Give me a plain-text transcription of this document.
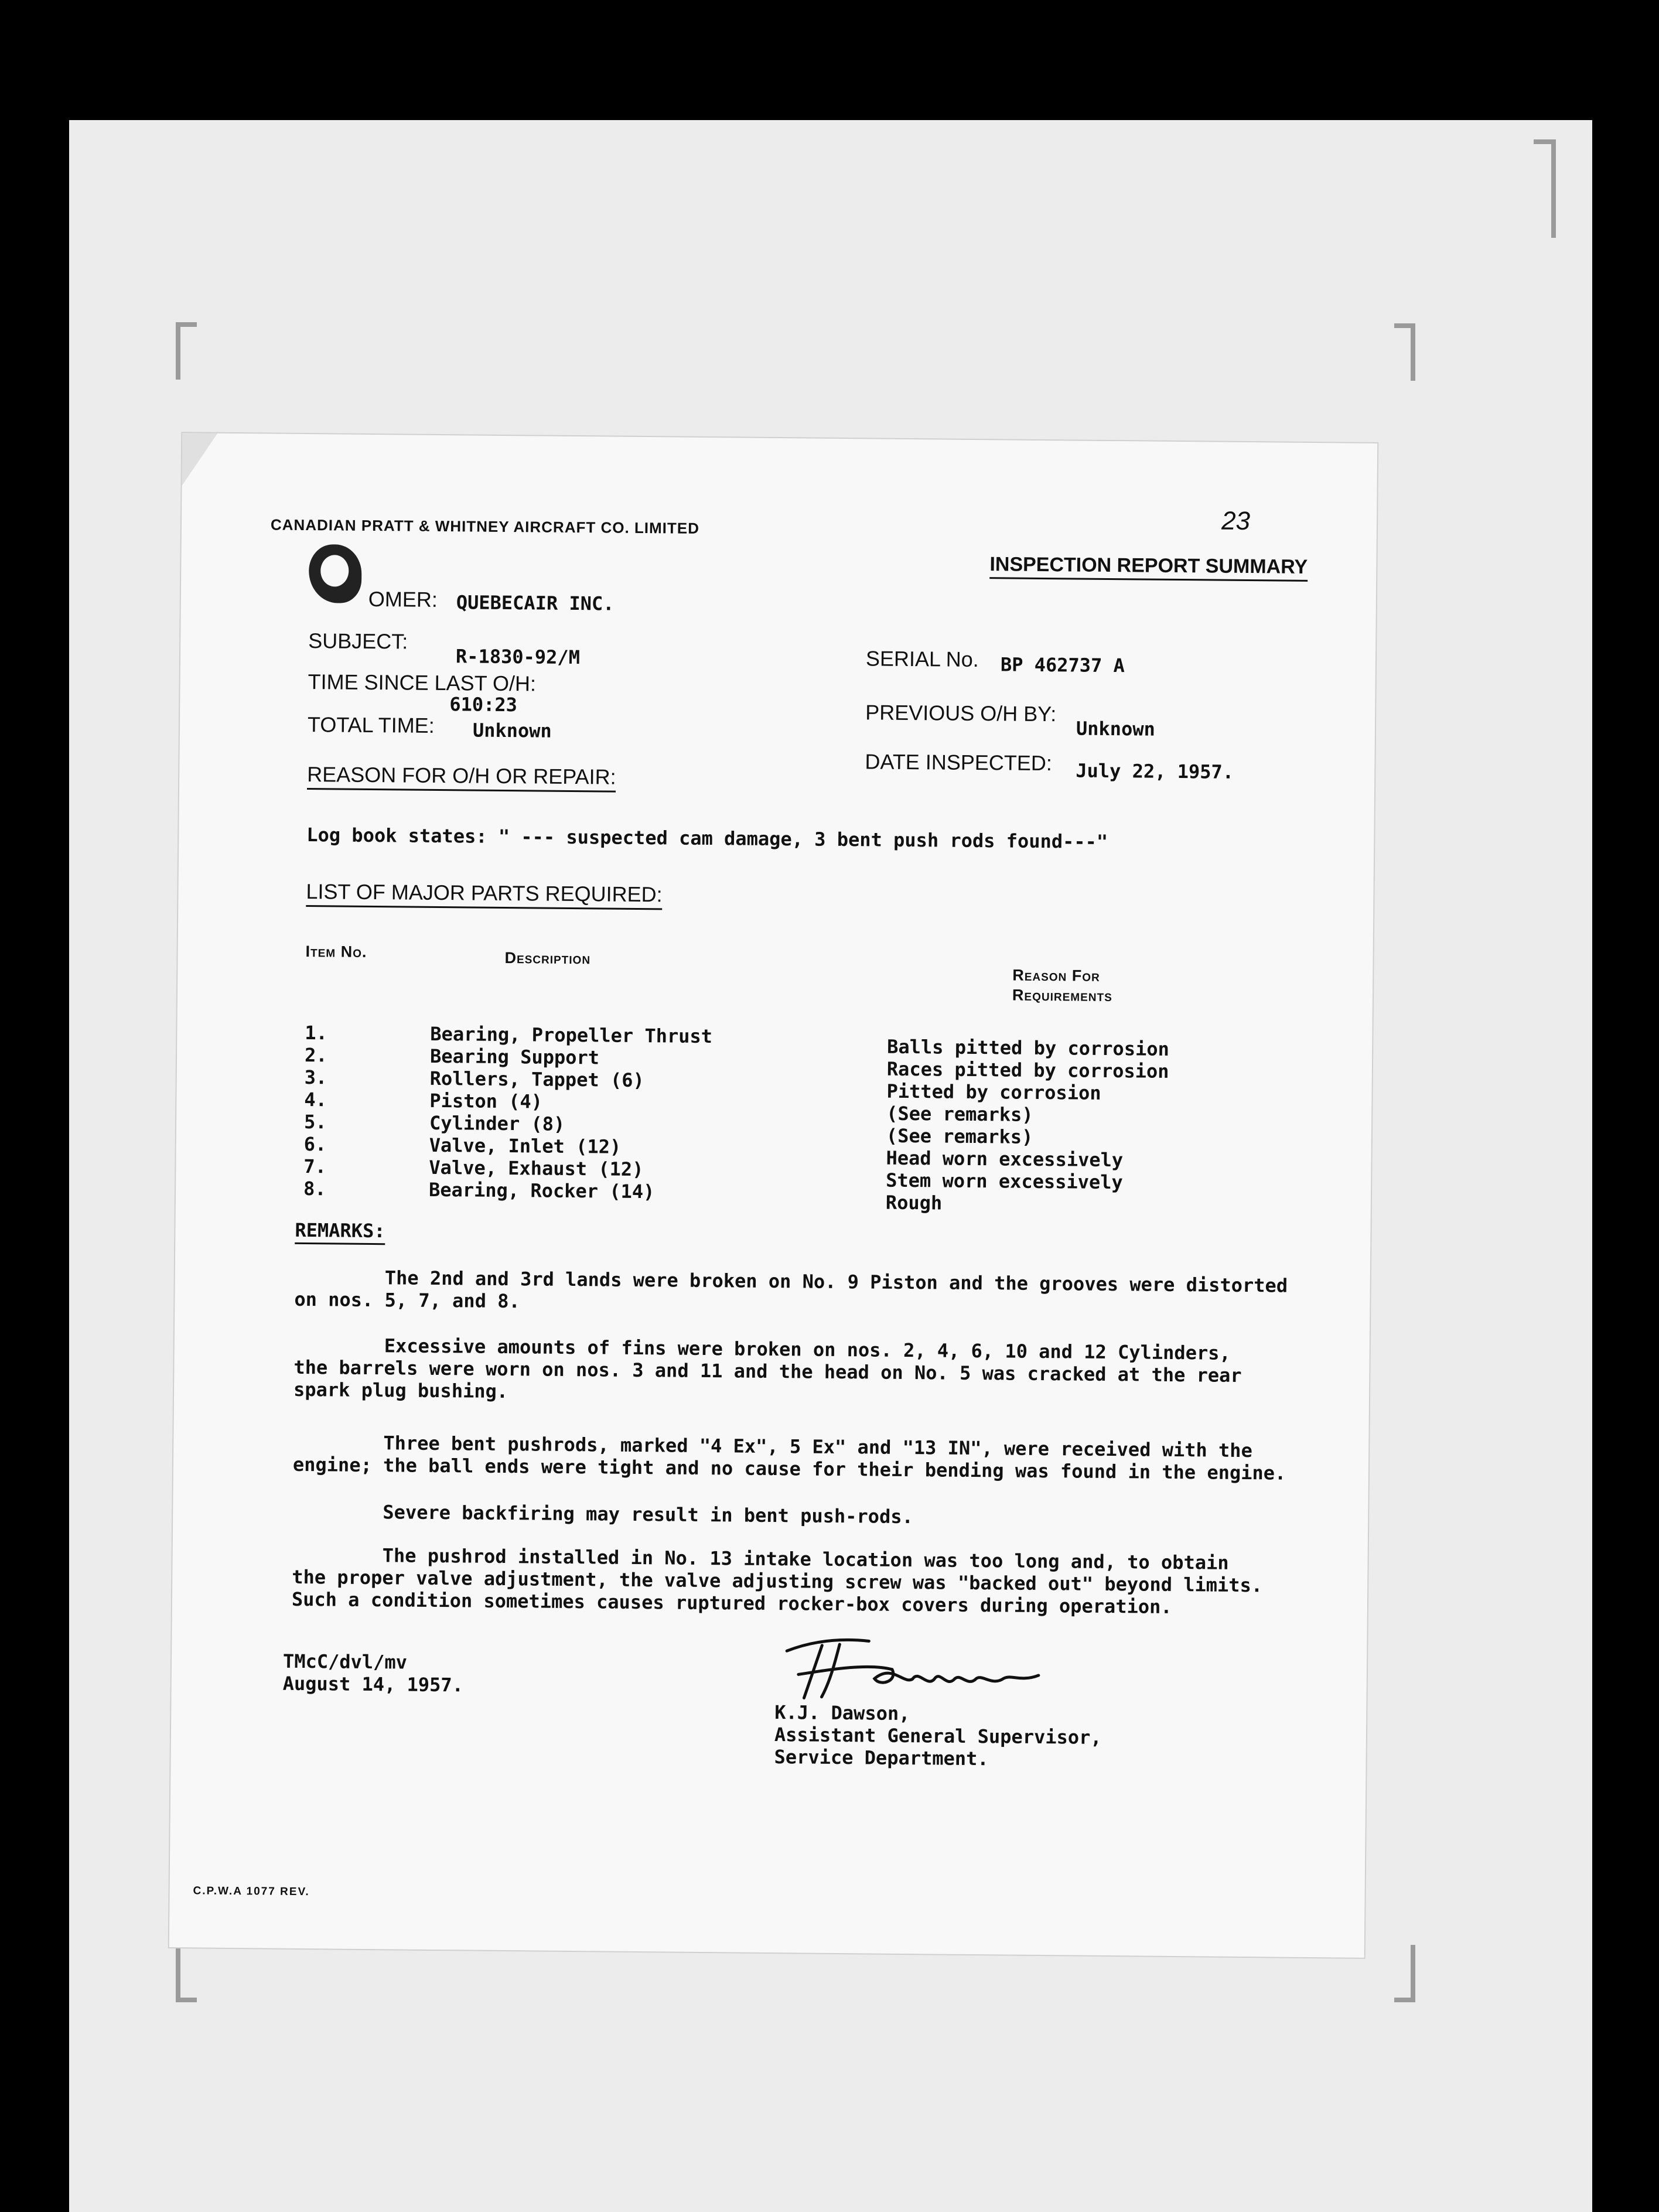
CANADIAN PRATT & WHITNEY AIRCRAFT CO. LIMITED	23
INSPECTION REPORT SUMMARY
OMER: QUEBECAIR INC.
SUBJECT:
R-1830-92/M
TIME SINCE LAST O/H:
610:23
TOTAL TIME: Unknown
SERIAL No. BP 462737 A
PREVIOUS O/H BY:
Unknown
DATE INSPECTED: July 22, 1957.
REASON FOR O/H OR REPAIR:
Log book states: " --- suspected cam damage, 3 bent push rods found---"
LIST OF MAJOR PARTS REQUIRED:
Item No.	Description
Reason For
Requirements
1.
2.
3.
4.
5.
6.
7.
8.
Bearing, Propeller Thrust
Bearing Support
Rollers, Tappet (6)
Piston (4)
Cylinder (8)
Valve, Inlet (12)
Valve, Exhaust (12)
Bearing, Rocker (14)
Balls pitted by corrosion
Races pitted by corrosion
Pitted by corrosion
(See remarks)
(See remarks)
Head worn excessively
Stem worn excessively
Rough
REMARKS:
The 2nd and 3rd lands were broken on No. 9 Piston and the grooves were distorted
on nos. 5, 7, and 8.
Excessive amounts of fins were broken on nos. 2, 4, 6, 10 and 12 Cylinders,
the barrels were worn on nos. 3 and 11 and the head on No. 5 was cracked at the rear
spark plug bushing.
Three bent pushrods, marked "4 Ex", 5 Ex" and "13 IN", were received with the
engine; the ball ends were tight and no cause for their bending was found in the engine.
Severe backfiring may result in bent push-rods.
The pushrod installed in No. 13 intake location was too long and, to obtain
the proper valve adjustment, the valve adjusting screw was "backed out" beyond limits.
Such a condition sometimes causes ruptured rocker-box covers during operation.
TMcC/dvl/mv
August 14, 1957.
K.J. Dawson,
Assistant General Supervisor,
Service Department.
C.P.W.A 1077 REV.
